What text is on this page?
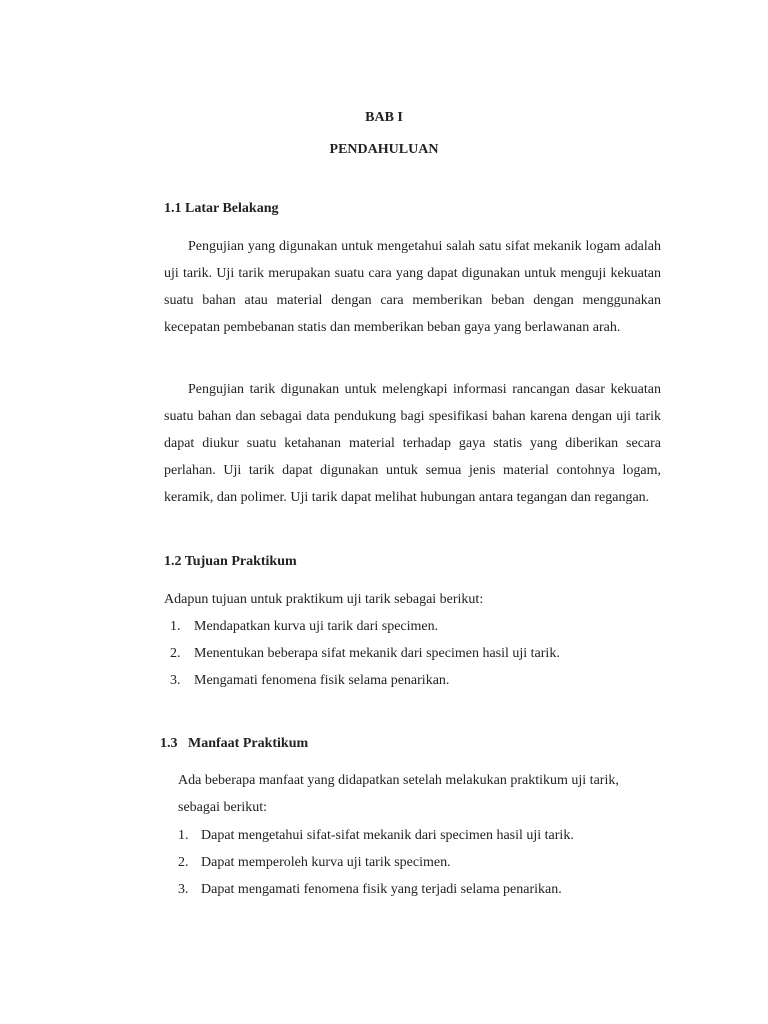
BAB I
PENDAHULUAN
1.1 Latar Belakang

Pengujian yang digunakan untuk mengetahui salah satu sifat mekanik logam adalah uji tarik. Uji tarik merupakan suatu cara yang dapat digunakan untuk menguji kekuatan suatu bahan atau material dengan cara memberikan beban dengan menggunakan kecepatan pembebanan statis dan memberikan beban gaya yang berlawanan arah.

Pengujian tarik digunakan untuk melengkapi informasi rancangan dasar kekuatan suatu bahan dan sebagai data pendukung bagi spesifikasi bahan karena dengan uji tarik dapat diukur suatu ketahanan material terhadap gaya statis yang diberikan secara perlahan. Uji tarik dapat digunakan untuk semua jenis material contohnya logam, keramik, dan polimer. Uji tarik dapat melihat hubungan antara tegangan dan regangan.

1.2 Tujuan Praktikum
Adapun tujuan untuk praktikum uji tarik sebagai berikut:
1. Mendapatkan kurva uji tarik dari specimen.
2. Menentukan beberapa sifat mekanik dari specimen hasil uji tarik.
3. Mengamati fenomena fisik selama penarikan.
1.3 Manfaat Praktikum
Ada beberapa manfaat yang didapatkan setelah melakukan praktikum uji tarik,
sebagai berikut:
1. Dapat mengetahui sifat-sifat mekanik dari specimen hasil uji tarik.
2. Dapat memperoleh kurva uji tarik specimen.
3. Dapat mengamati fenomena fisik yang terjadi selama penarikan.
